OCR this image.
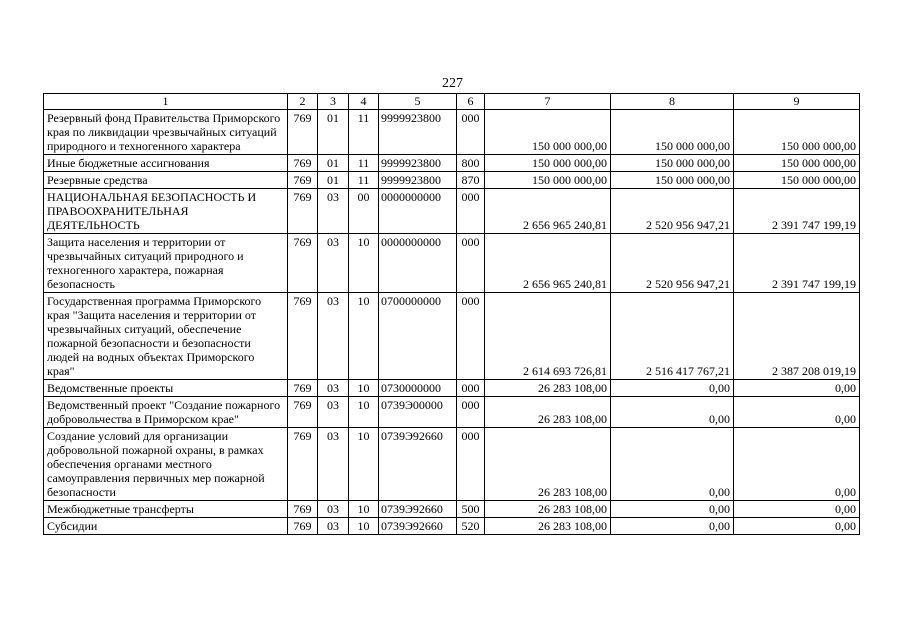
227
1	2	3	4	5	6	7	8	9
Резервный фонд Правительства Приморского края по ликвидации чрезвычайных ситуаций природного и техногенного характера	769	01	11	9999923800	000	150 000 000,00	150 000 000,00	150 000 000,00
Иные бюджетные ассигнования	769	01	11	9999923800	800	150 000 000,00	150 000 000,00	150 000 000,00
Резервные средства	769	01	11	9999923800	870	150 000 000,00	150 000 000,00	150 000 000,00
НАЦИОНАЛЬНАЯ БЕЗОПАСНОСТЬ И ПРАВООХРАНИТЕЛЬНАЯ ДЕЯТЕЛЬНОСТЬ	769	03	00	0000000000	000	2 656 965 240,81	2 520 956 947,21	2 391 747 199,19
Защита населения и территории от чрезвычайных ситуаций природного и техногенного характера, пожарная безопасность	769	03	10	0000000000	000	2 656 965 240,81	2 520 956 947,21	2 391 747 199,19
Государственная программа Приморского края "Защита населения и территории от чрезвычайных ситуаций, обеспечение пожарной безопасности и безопасности людей на водных объектах Приморского края"	769	03	10	0700000000	000	2 614 693 726,81	2 516 417 767,21	2 387 208 019,19
Ведомственные проекты	769	03	10	0730000000	000	26 283 108,00	0,00	0,00
Ведомственный проект "Создание пожарного добровольчества в Приморском крае"	769	03	10	0739Э00000	000	26 283 108,00	0,00	0,00
Создание условий для организации добровольной пожарной охраны, в рамках обеспечения органами местного самоуправления первичных мер пожарной безопасности	769	03	10	0739Э92660	000	26 283 108,00	0,00	0,00
Межбюджетные трансферты	769	03	10	0739Э92660	500	26 283 108,00	0,00	0,00
Субсидии	769	03	10	0739Э92660	520	26 283 108,00	0,00	0,00
